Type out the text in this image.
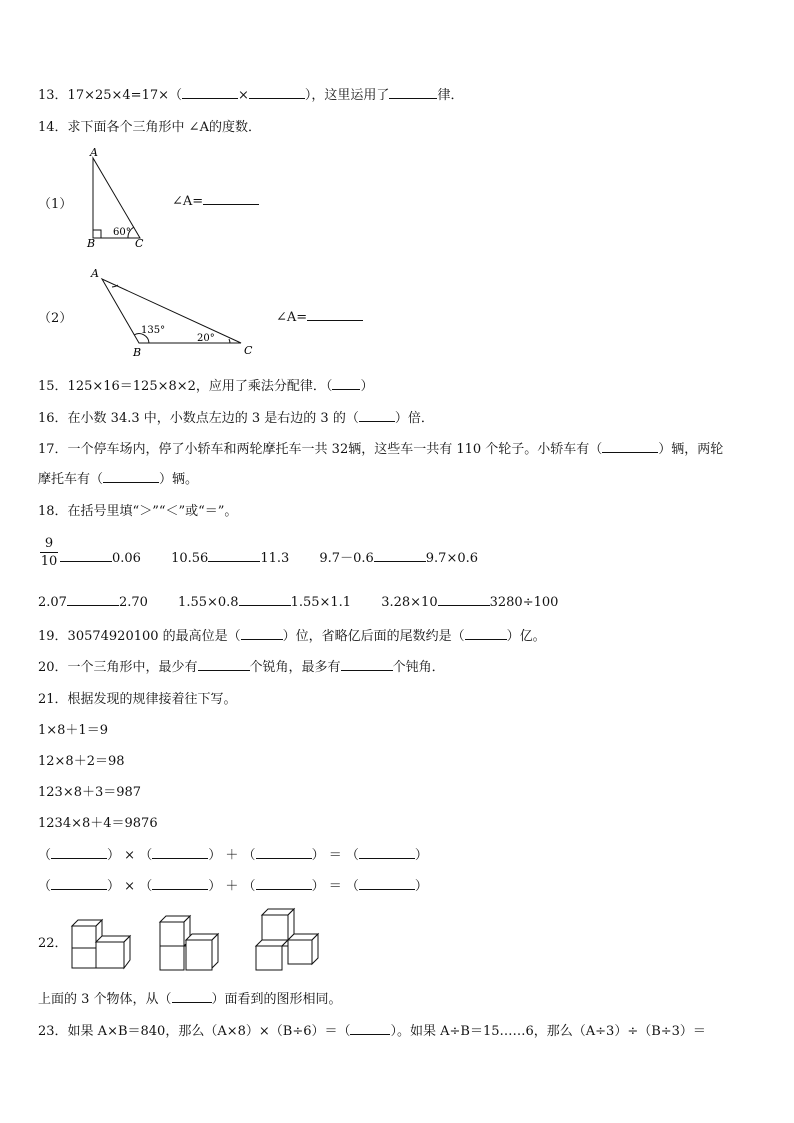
13．17×25×4=17×（	×	），这里运用了	律．
14．求下面各个三角形中 ∠A的度数．
（1）
A
B	C
60°
∠A=
（2）
A
B	C
135°
20°
∠A=
15．125×16＝125×8×2，应用了乘法分配律．（ ）
16．在小数 34.3 中，小数点左边的 3 是右边的 3 的（	）倍．
17．一个停车场内，停了小轿车和两轮摩托车一共 32辆，这些车一共有 110 个轮子。小轿车有（	）辆，两轮
摩托车有（	）辆。
18．在括号里填“＞”“＜”或“＝”。
9
10	0.06 10.56	11.3 9.7－0.6	9.7×0.6
2.07	2.70 1.55×0.8	1.55×1.1 3.28×10	3280÷100
19．30574920100 的最高位是（	）位，省略亿后面的尾数约是（	）亿。
20．一个三角形中，最少有	个锐角，最多有	个钝角．
21．根据发现的规律接着往下写。
1×8＋1＝9
12×8＋2＝98
123×8＋3＝987
1234×8＋4＝9876
（	） × （	） ＋ （	） ＝ （	）
（	） × （	） ＋ （	） ＝ （	）
22．
上面的 3 个物体，从（	）面看到的图形相同。
23．如果 A×B＝840，那么（A×8）×（B÷6）＝（	）。如果 A÷B＝15……6，那么（A÷3）÷（B÷3）＝
